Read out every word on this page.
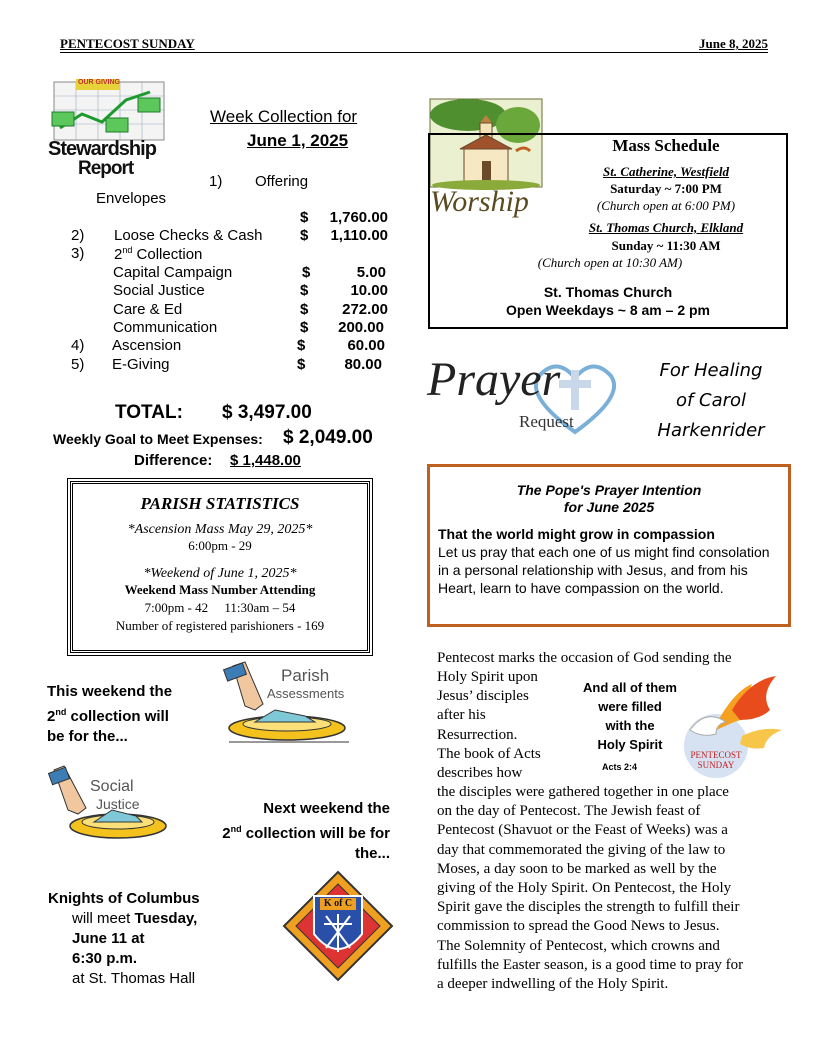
PENTECOST SUNDAY	June 8, 2025
OUR GIVING
Stewardship
Report
Week Collection for
June 1, 2025
1) Offering
Envelopes
$	1,760.00
2) Loose Checks & Cash	$	1,110.00
3) 2nd Collection
Capital Campaign	$	5.00
Social Justice	$	10.00
Care & Ed	$	272.00
Communication	$	200.00
4) Ascension	$	60.00
5) E-Giving	$	80.00
TOTAL: $ 3,497.00
Weekly Goal to Meet Expenses: $ 2,049.00
Difference: $ 1,448.00
PARISH STATISTICS
*Ascension Mass May 29, 2025*
6:00pm - 29
*Weekend of June 1, 2025*
Weekend Mass Number Attending
7:00pm - 42     11:30am – 54
Number of registered parishioners - 169
This weekend the
2nd collection will
be for the...
Parish
Assessments
Social
Justice	Next weekend the
2nd collection will be for
the...
Knights of Columbus
will meet Tuesday,
June 11 at
6:30 p.m.
at St. Thomas Hall
K of C
Worship
Mass Schedule
St. Catherine, Westfield
Saturday ~ 7:00 PM
(Church open at 6:00 PM)
St. Thomas Church, Elkland
Sunday ~ 11:30 AM
(Church open at 10:30 AM)
St. Thomas Church
Open Weekdays ~ 8 am – 2 pm
Prayer
Request
For Healing
of Carol
Harkenrider
The Pope's Prayer Intention
for June 2025
That the world might grow in compassion
Let us pray that each one of us might find consolation in a personal relationship with Jesus, and from his Heart, learn to have compassion on the world.
Pentecost marks the occasion of God sending the
Holy Spirit upon
Jesus’ disciples
after his
Resurrection.
The book of Acts
describes how
the disciples were gathered together in one place
on the day of Pentecost. The Jewish feast of
Pentecost (Shavuot or the Feast of Weeks) was a
day that commemorated the giving of the law to
Moses, a day soon to be marked as well by the
giving of the Holy Spirit. On Pentecost, the Holy
Spirit gave the disciples the strength to fulfill their
commission to spread the Good News to Jesus.
The Solemnity of Pentecost, which crowns and
fulfills the Easter season, is a good time to pray for
a deeper indwelling of the Holy Spirit.
And all of them
were filled
with the
Holy Spirit
Acts 2:4
PENTECOST
SUNDAY
